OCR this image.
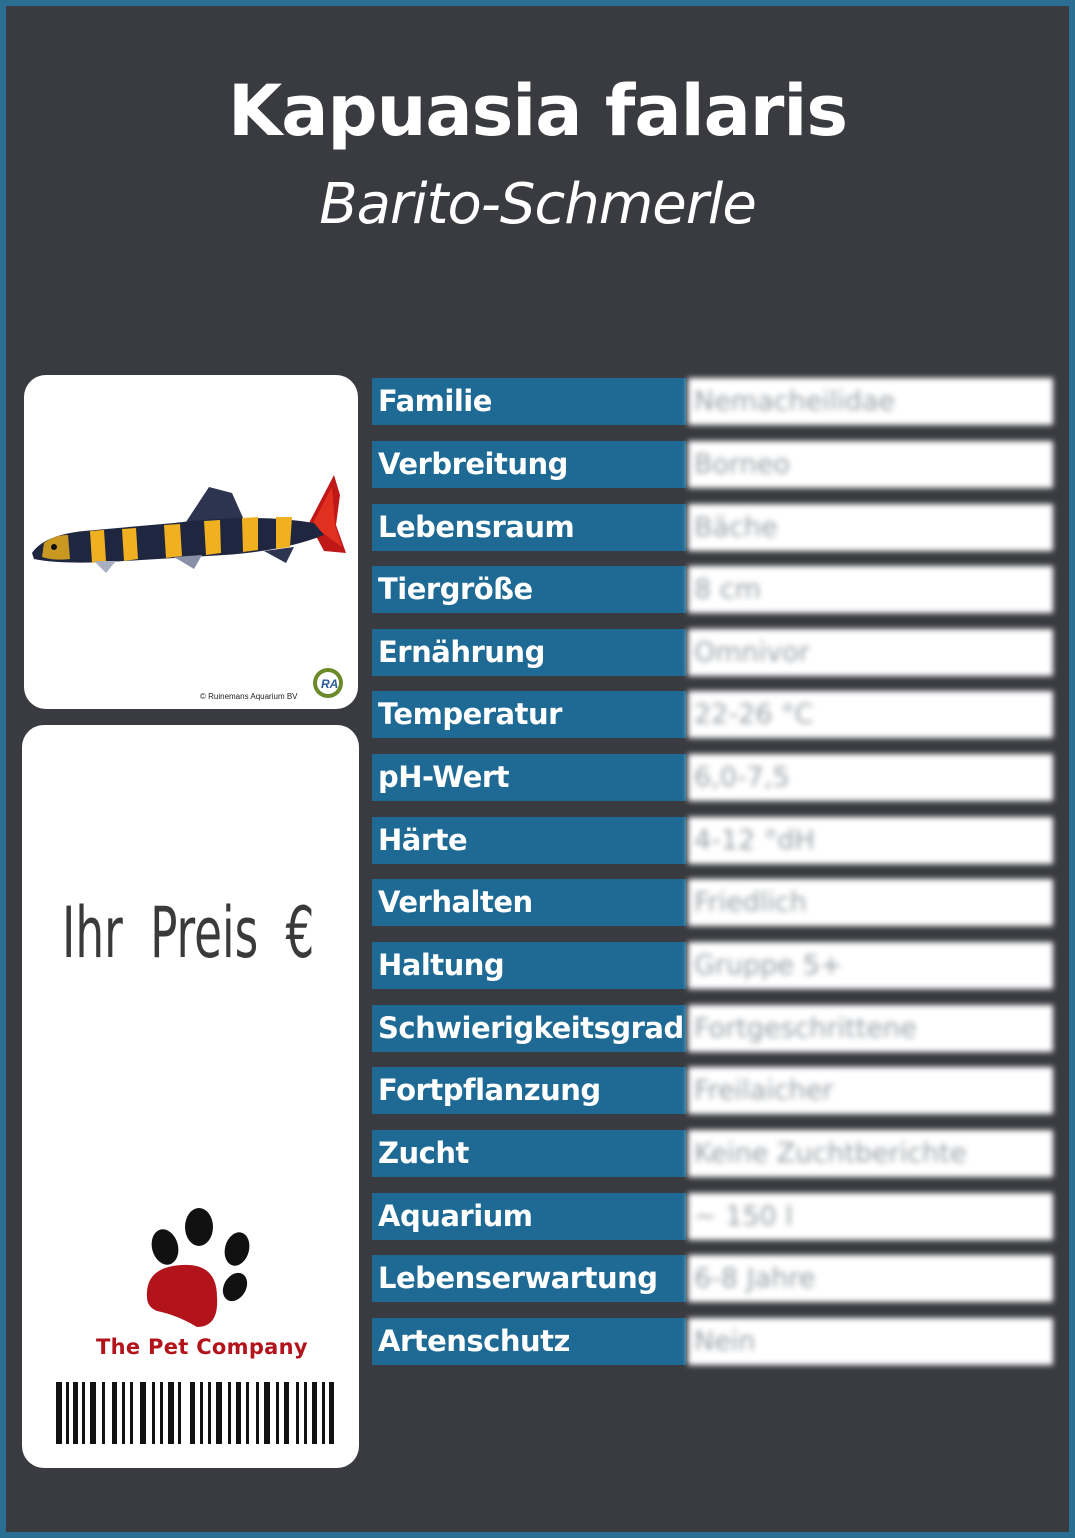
Kapuasia falaris
Barito-Schmerle
© Ruinemans Aquarium BV
RA
Ihr Preis €
The Pet Company
Familie	Nemacheilidae
Verbreitung	Borneo
Lebensraum	Bäche
Tiergröße	8 cm
Ernährung	Omnivor
Temperatur	22-26 °C
pH-Wert	6,0-7,5
Härte	4-12 °dH
Verhalten	Friedlich
Haltung	Gruppe 5+
Schwierigkeitsgrad Fortgeschrittene
Fortpflanzung	Freilaicher
Zucht	Keine Zuchtberichte
Aquarium	~ 150 l
Lebenserwartung	6-8 Jahre
Artenschutz	Nein
